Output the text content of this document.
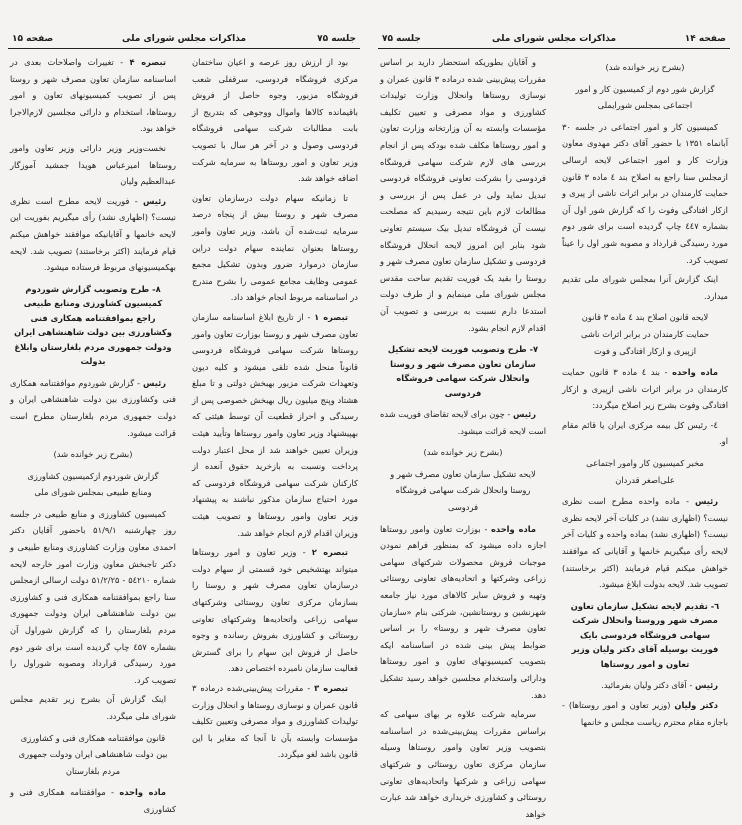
جلسه ۷۵
مذاکرات مجلس شورای ملی
صفحه ۱۵

بود از ارزش روز عرصه و اعیان ساختمان مرکزی فروشگاه فردوسی، سرقفلی شعب فروشگاه مزبور، وجوه حاصل از فروش باقیمانده کالاها واموال ووجوهی که بتدریج از بابت مطالبات شرکت سهامی فروشگاه فردوسی وصول و در آخر هر سال با تصویب وزیر تعاون و امور روستاها به سرمایه شرکت اضافه خواهد شد.

تا زمانیکه سهام دولت درسازمان تعاون مصرف شهر و روستا بیش از پنجاه درصد سرمایه ثبت‌شده آن باشد، وزیر تعاون وامور روستاها بعنوان نماینده سهام دولت دراین سازمان درموارد ضرور وبدون تشکیل مجمع عمومی وظایف مجامع عمومی را بشرح مندرج در اساسنامه مربوط انجام خواهد داد.

تبصره ۱ - از تاریخ ابلاغ اساسنامه سازمان تعاون مصرف شهر و روستا بوزارت تعاون وامور روستاها شرکت سهامی فروشگاه فردوسی قانوناً منحل شده تلقی میشود و کلیه دیون وتعهدات شرکت مزبور بهبخش دولتی و تا مبلغ هشتاد وپنج میلیون ریال بهبخش خصوصی پس از رسیدگی و احراز قطعیت آن توسط هیئتی که بهپیشنهاد وزیر تعاون وامور روستاها وتأیید هیئت وزیران تعیین خواهند شد از محل اعتبار دولت پرداخت ونسبت به بازخرید حقوق آنعده از کارکنان شرکت سهامی فروشگاه فردوسی که مورد احتیاج سازمان مذکور نباشند به پیشنهاد وزیر تعاون وامور روستاها و تصویب هیئت وزیران اقدام لازم انجام خواهد شد.

تبصره ۲ - وزیر تعاون و امور روستاها میتواند بهتشخیص خود قسمتی از سهام دولت درسازمان تعاون مصرف شهر و روستا را بسازمان مرکزی تعاون روستائی وشرکتهای سهامی زراعی واتحادیه‌ها وشرکتهای تعاونی روستائی و کشاورزی بفروش رسانده و وجوه حاصل از فروش این سهام را برای گسترش فعالیت سازمان نامبرده اختصاص دهد.

تبصره ۳ - مقررات پیش‌بینی‌شده درماده ۳ قانون عمران و نوسازی روستاها و انحلال وزارت تولیدات کشاورزی و مواد مصرفی وتعیین تکلیف مؤسسات وابسته بآن تا آنجا که مغایر با این قانون باشد لغو میگردد.

تبصره ۴ - تغییرات واصلاحات بعدی در اساسنامه سازمان تعاون مصرف شهر و روستا پس از تصویب کمیسیونهای تعاون و امور روستاها، استخدام و دارائی مجلسین لازم‌الاجرا خواهد بود.

نخست‌وزیر وزیر دارائی وزیر تعاون وامور روستاها امیرعباس هویدا جمشید آموزگار عبدالعظیم ولیان

رئیس - فوریت لایحه مطرح است نظری نیست؟ (اظهاری نشد) رأی میگیریم بفوریت این لایحه خانمها و آقایانیکه موافقند خواهش میکنم قیام فرمایند (اکثر برخاستند) تصویب شد. لایحه بهکمیسیونهای مربوط فرستاده میشود.

۸- طرح وتصویب گزارش شوردوم کمیسیون کشاورزی ومنابع طبیعی راجع بموافقتنامه همکاری فنی وکشاورزی بین دولت شاهنشاهی ایران ودولت جمهوری مردم بلغارستان وابلاغ بدولت

رئیس - گزارش شوردوم موافقتنامه همکاری فنی وکشاورزی بین دولت شاهنشاهی ایران و دولت جمهوری مردم بلغارستان مطرح است قرائت میشود.

(بشرح زیر خوانده شد)

گزارش شوردوم ازکمیسیون کشاورزی ومنابع طبیعی بمجلس شورای ملی

کمیسیون کشاورزی و منابع طبیعی در جلسه روز چهارشنبه ۵۱/۹/۱ باحضور آقایان دکتر احمدی معاون وزارت کشاورزی ومنابع طبیعی و دکتر تاجبخش معاون وزارت امور خارجه لایحه شماره ۵٤۲۱۰ - ۵۱/۲/۲۵ دولت ارسالی ازمجلس سنا راجع بموافقتنامه همکاری فنی و کشاورزی بین دولت شاهنشاهی ایران ودولت جمهوری مردم بلغارستان را که گزارش شوراول آن بشماره ٤۵۷ چاپ گردیده است برای شور دوم مورد رسیدگی قرارداد ومصوبه شوراول را تصویب کرد.

اینک گزارش آن بشرح زیر تقدیم مجلس شورای ملی میگردد.

قانون موافقتنامه همکاری فنی و کشاورزی بین دولت شاهنشاهی ایران ودولت جمهوری مردم بلغارستان

ماده واحده - موافقتنامه همکاری فنی و کشاورزی

صفحه ۱۴
مذاکرات مجلس شورای ملی
جلسه ۷۵

(بشرح زیر خوانده شد)

گزارش شور دوم از کمیسیون کار و امور اجتماعی بمجلس شورایملی

کمیسیون کار و امور اجتماعی در جلسه ۳۰ آبانماه ۱۳۵۱ با حضور آقای دکتر مهدوی معاون وزارت کار و امور اجتماعی لایحه ارسالی ازمجلس سنا راجع به اصلاح بند ٤ ماده ۳ قانون حمایت کارمندان در برابر اثرات ناشی از پیری و ازکار افتادگی وفوت را که گزارش شور اول آن بشماره ٤٤۷ چاپ گردیده است برای شور دوم مورد رسیدگی قرارداد و مصوبه شور اول را عیناً تصویب کرد.

اینک گزارش آنرا بمجلس شورای ملی تقدیم میدارد.

لایحه قانون اصلاح بند ٤ ماده ۳ قانون حمایت کارمندان در برابر اثرات ناشی ازپیری و ازکار افتادگی و فوت

ماده واحده - بند ٤ ماده ۳ قانون حمایت کارمندان در برابر اثرات ناشی ازپیری و ازکار افتادگی وفوت بشرح زیر اصلاح میگردد:

٤- رئیس کل بیمه مرکزی ایران یا قائم مقام او.

مخبر کمیسیون کار وامور اجتماعی علی‌اصغر قدردان

رئیس - ماده واحده مطرح است نظری نیست؟ (اظهاری نشد) در کلیات آخر لایحه نظری نیست؟ (اظهاری نشد) بماده واحده و کلیات آخر لایحه رأی میگیریم خانمها و آقایانی که موافقند خواهش میکنم قیام فرمایند (اکثر برخاستند) تصویب شد. لایحه بدولت ابلاغ میشود.

٦- تقدیم لایحه تشکیل سازمان تعاون مصرف شهر وروستا وانحلال شرکت سهامی فروشگاه فردوسی بایک فوریت بوسیله آقای دکتر ولیان وزیر تعاون و امور روستاها

رئیس - آقای دکتر ولیان بفرمائید.

دکتر ولیان (وزیر تعاون و امور روستاها) - باجازه مقام محترم ریاست مجلس و خانمها

و آقایان بطوریکه استحضار دارید بر اساس مقررات پیش‌بینی شده درماده ۳ قانون عمران و نوسازی روستاها وانحلال وزارت تولیدات کشاورزی و مواد مصرفی و تعیین تکلیف مؤسسات وابسته به آن وزارتخانه وزارت تعاون و امور روستاها مکلف شده بودکه پس از انجام بررسی های لازم شرکت سهامی فروشگاه فردوسی را بشرکت تعاونی فروشگاه فردوسی تبدیل نماید ولی در عمل پس از بررسی و مطالعات لازم باین نتیجه رسیدیم که مصلحت نیست آن فروشگاه تبدیل بیک سیستم تعاونی شود بنابر این امروز لایحه انحلال فروشگاه فردوسی و تشکیل سازمان تعاون مصرف شهر و روستا را بقید یک فوریت تقدیم ساحت مقدس مجلس شورای ملی مینمایم و از طرف دولت استدعا دارم نسبت به بررسی و تصویب آن اقدام لازم انجام بشود.

۷- طرح وتصویب فوریت لایحه تشکیل سازمان تعاون مصرف شهر و روستا وانحلال شرکت سهامی فروشگاه فردوسی

رئیس - چون برای لایحه تقاضای فوریت شده است لایحه قرائت میشود.

(بشرح زیر خوانده شد)

لایحه تشکیل سازمان تعاون مصرف شهر و روستا وانحلال شرکت سهامی فروشگاه فردوسی

ماده واحده - بوزارت تعاون وامور روستاها اجازه داده میشود که بمنظور فراهم نمودن موجبات فروش محصولات شرکتهای سهامی زراعی وشرکتها و اتحادیه‌های تعاونی روستائی وتهیه و فروش سایر کالاهای مورد نیاز جامعه شهرنشین و روستانشین، شرکتی بنام «سازمان تعاون مصرف شهر و روستا» را بر اساس ضوابط پیش بینی شده در اساسنامه ایکه بتصویب کمیسیونهای تعاون و امور روستاها ودارائی واستخدام مجلسین خواهد رسید تشکیل دهد.

سرمایه شرکت علاوه بر بهای سهامی که براساس مقررات پیش‌بینی‌شده در اساسنامه بتصویب وزیر تعاون وامور روستاها وسیله سازمان مرکزی تعاون روستائی و شرکتهای سهامی زراعی و شرکتها واتحادیه‌های تعاونی روستائی و کشاورزی خریداری خواهد شد عبارت خواهد
